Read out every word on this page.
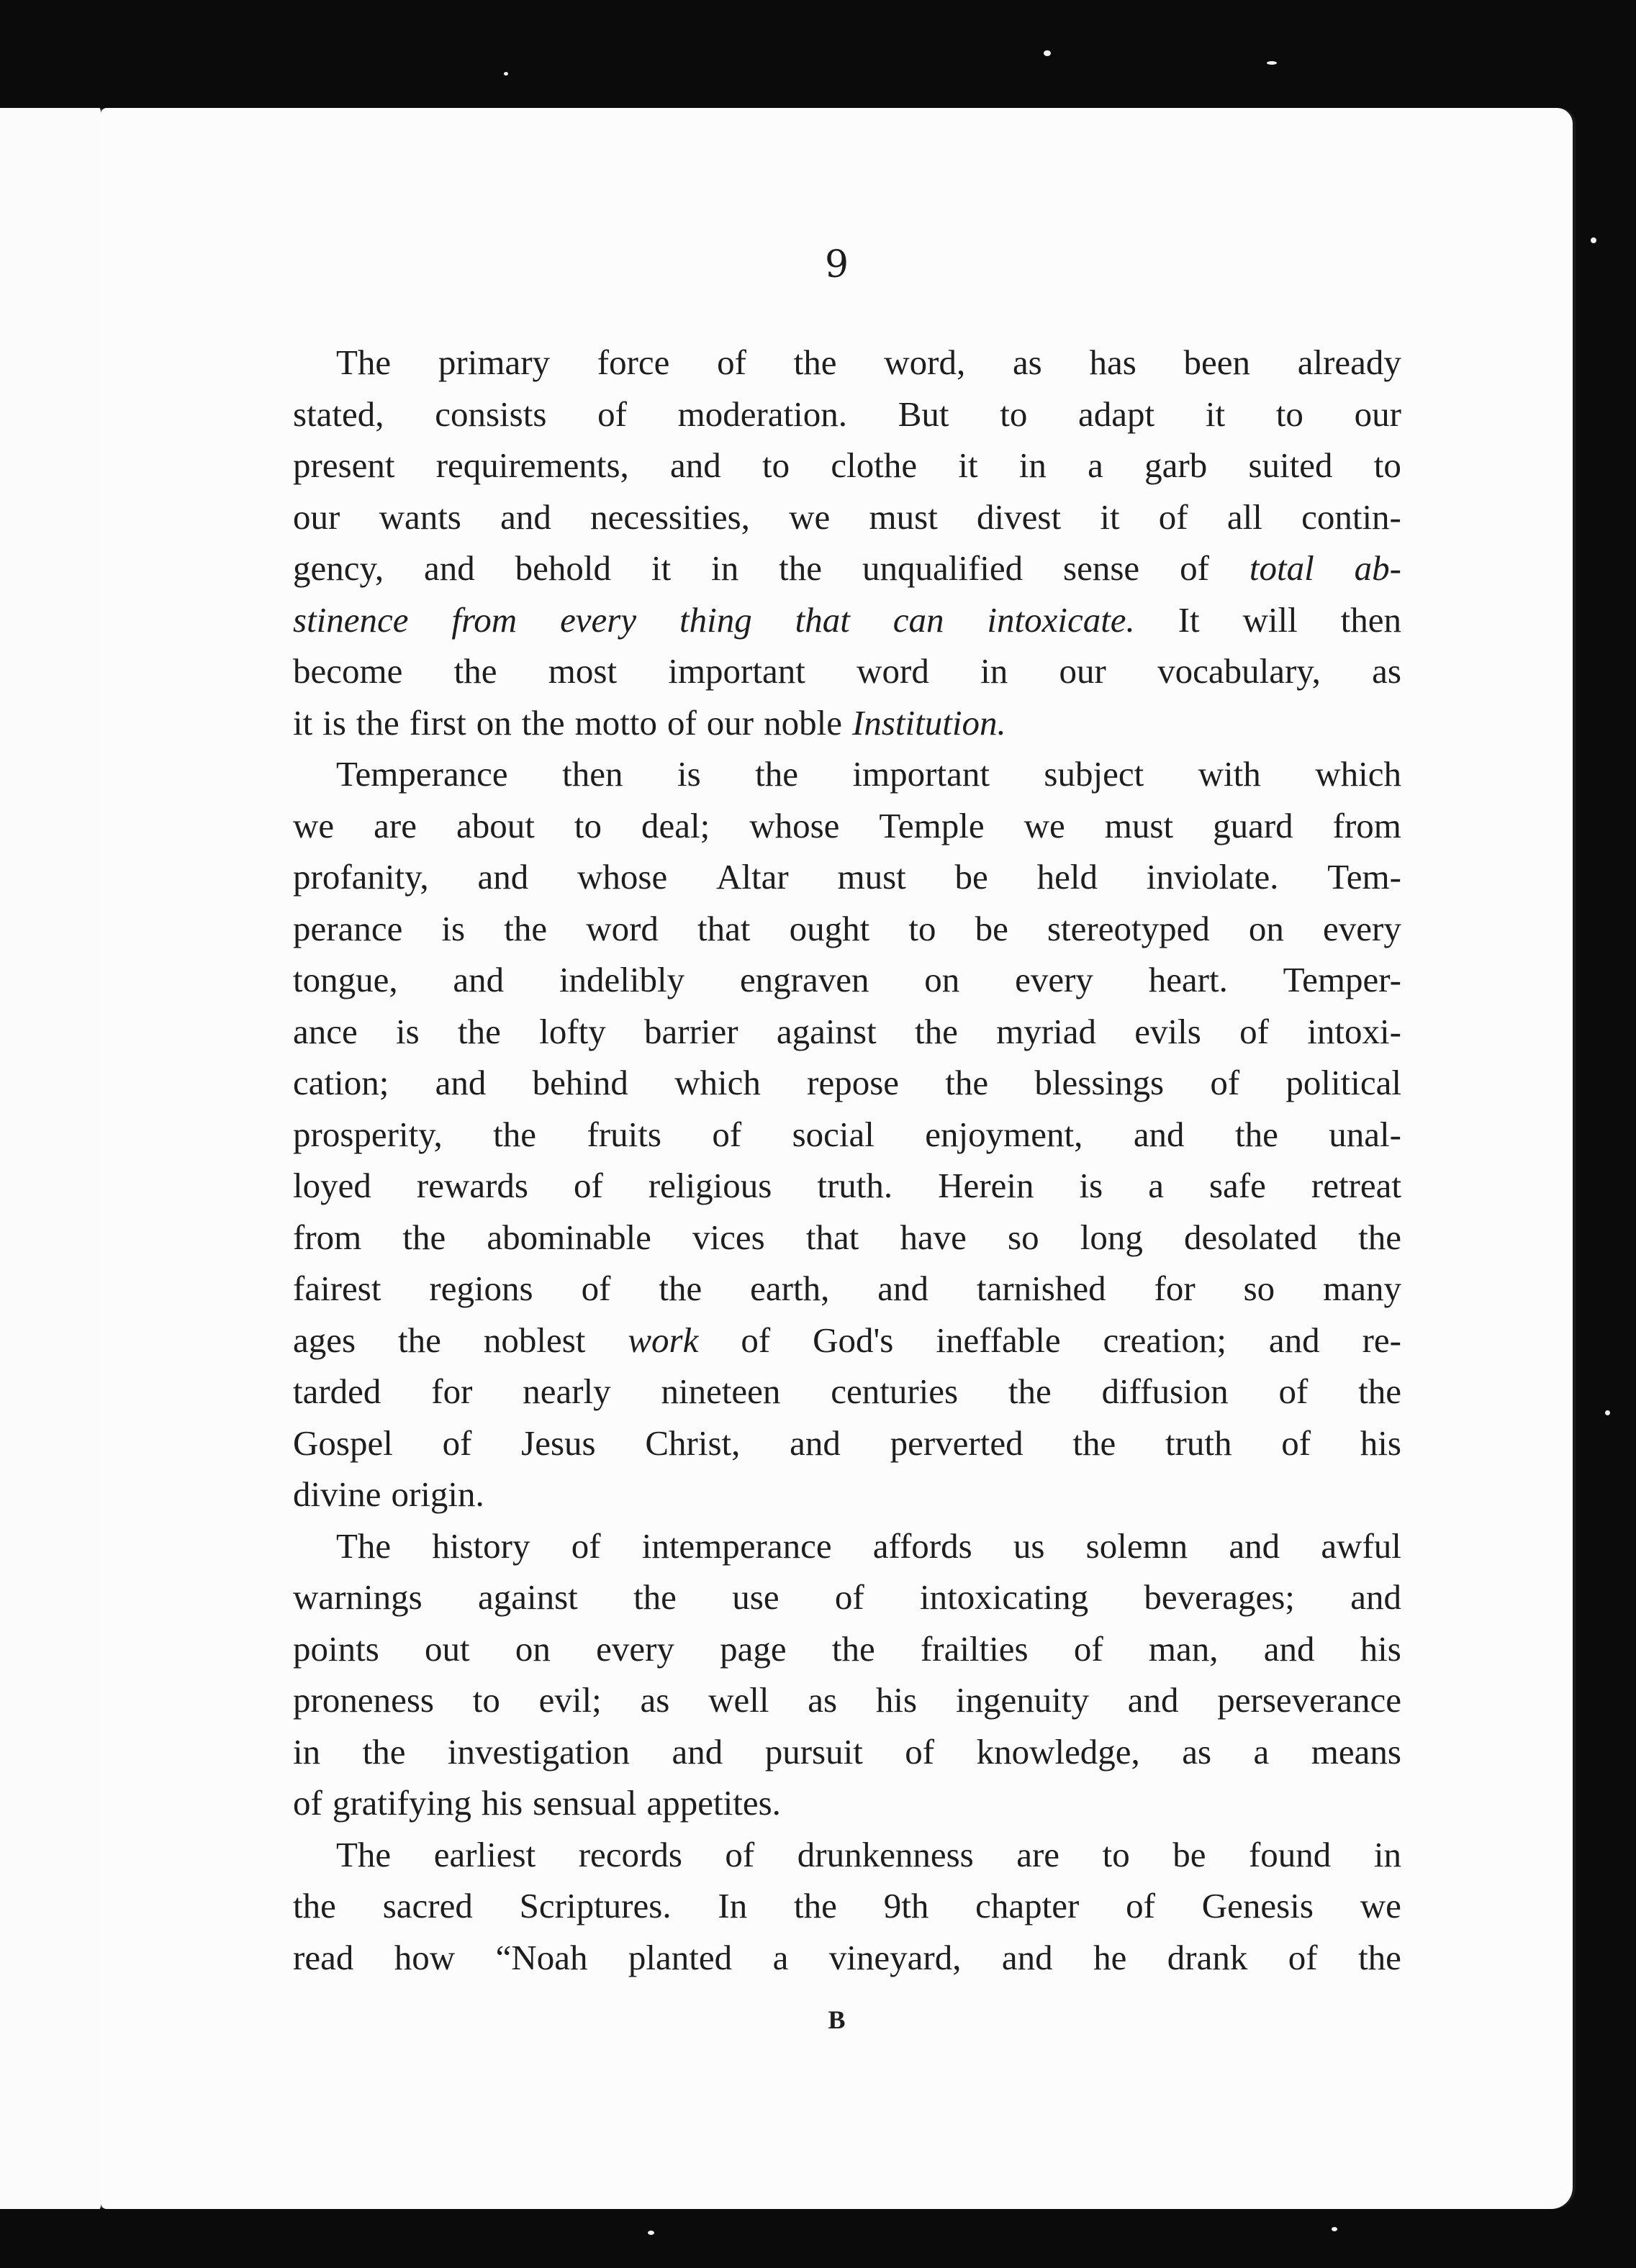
9
The primary force of the word, as has been already
stated, consists of moderation. But to adapt it to our
present requirements, and to clothe it in a garb suited to
our wants and necessities, we must divest it of all contin-
gency, and behold it in the unqualified sense of total ab-
stinence from every thing that can intoxicate. It will then
become the most important word in our vocabulary, as
it is the first on the motto of our noble Institution.
Temperance then is the important subject with which
we are about to deal; whose Temple we must guard from
profanity, and whose Altar must be held inviolate. Tem-
perance is the word that ought to be stereotyped on every
tongue, and indelibly engraven on every heart. Temper-
ance is the lofty barrier against the myriad evils of intoxi-
cation; and behind which repose the blessings of political
prosperity, the fruits of social enjoyment, and the unal-
loyed rewards of religious truth. Herein is a safe retreat
from the abominable vices that have so long desolated the
fairest regions of the earth, and tarnished for so many
ages the noblest work of God's ineffable creation; and re-
tarded for nearly nineteen centuries the diffusion of the
Gospel of Jesus Christ, and perverted the truth of his
divine origin.
The history of intemperance affords us solemn and awful
warnings against the use of intoxicating beverages; and
points out on every page the frailties of man, and his
proneness to evil; as well as his ingenuity and perseverance
in the investigation and pursuit of knowledge, as a means
of gratifying his sensual appetites.
The earliest records of drunkenness are to be found in
the sacred Scriptures. In the 9th chapter of Genesis we
read how “Noah planted a vineyard, and he drank of the
B
